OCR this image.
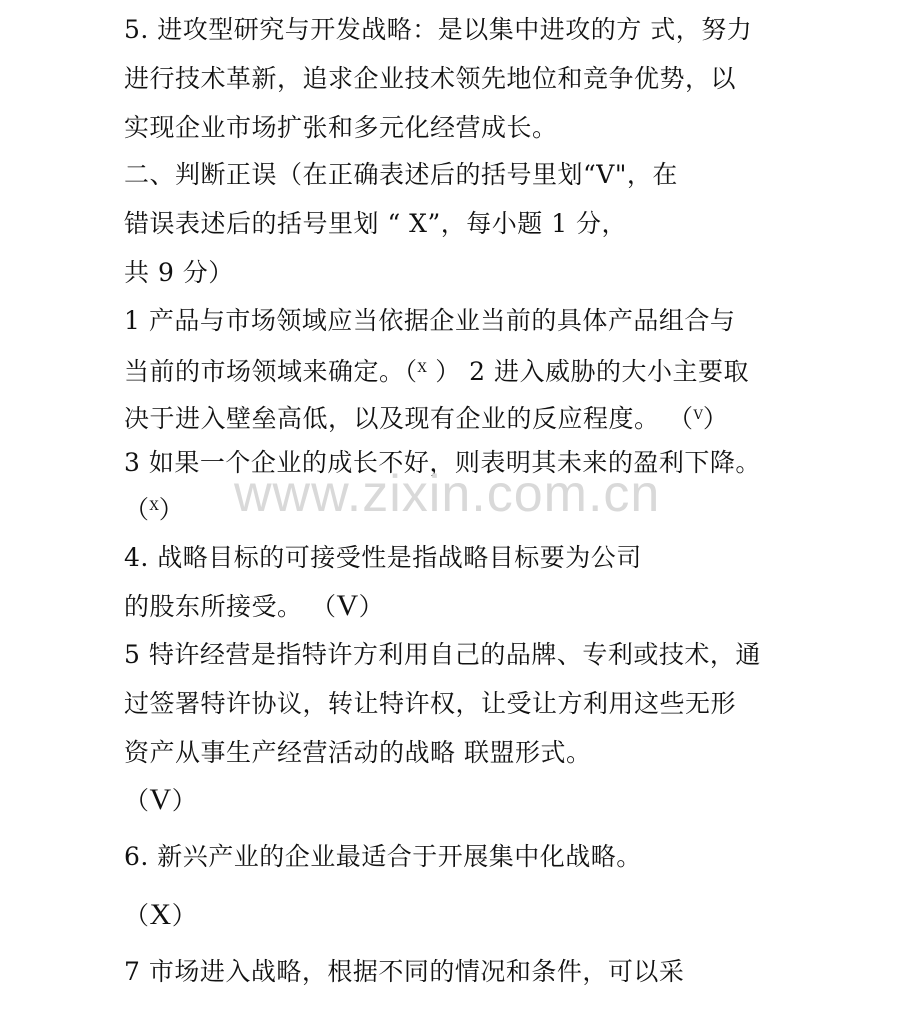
5. 进攻型研究与开发战略：是以集中进攻的方 式，努力
进行技术革新，追求企业技术领先地位和竞争优势，以
实现企业市场扩张和多元化经营成长。
二、判断正误（在正确表述后的括号里划“V"，在
错误表述后的括号里划 “ X”，每小题 1 分，
共 9 分）
1 产品与市场领域应当依据企业当前的具体产品组合与
当前的市场领域来确定。（$^X$ ） 2 进入威胁的大小主要取
决于进入壁垒高低，以及现有企业的反应程度。 （$^V$）
3 如果一个企业的成长不好，则表明其未来的盈利下降。
（$^X$）
4. 战略目标的可接受性是指战略目标要为公司
的股东所接受。 （V）
5 特许经营是指特许方利用自己的品牌、专利或技术，通
过签署特许协议，转让特许权，让受让方利用这些无形
资产从事生产经营活动的战略 联盟形式。
（V）
6. 新兴产业的企业最适合于开展集中化战略。
（X）
7 市场进入战略，根据不同的情况和条件，可以采
www.zixin.com.cn
